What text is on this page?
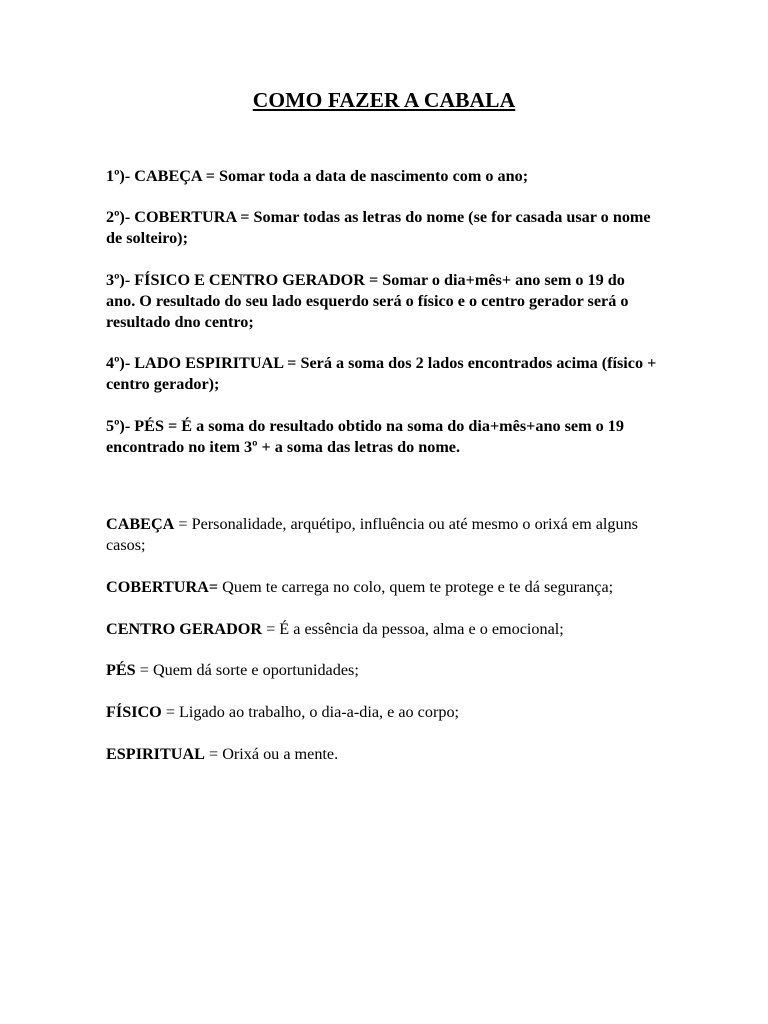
COMO FAZER A CABALA

1º)- CABEÇA = Somar toda a data de nascimento com o ano;

2º)- COBERTURA = Somar todas as letras do nome (se for casada usar o nome de solteiro);

3º)- FÍSICO E CENTRO GERADOR = Somar o dia+mês+ ano sem o 19 do ano. O resultado do seu lado esquerdo será o físico e o centro gerador será o resultado dno centro;

4º)- LADO ESPIRITUAL = Será a soma dos 2 lados encontrados acima (físico + centro gerador);

5º)- PÉS = É a soma do resultado obtido na soma do dia+mês+ano sem o 19 encontrado no item 3º + a soma das letras do nome.

CABEÇA = Personalidade, arquétipo, influência ou até mesmo o orixá em alguns casos;

COBERTURA= Quem te carrega no colo, quem te protege e te dá segurança;

CENTRO GERADOR = É a essência da pessoa, alma e o emocional;

PÉS = Quem dá sorte e oportunidades;

FÍSICO = Ligado ao trabalho, o dia-a-dia, e ao corpo;

ESPIRITUAL = Orixá ou a mente.
